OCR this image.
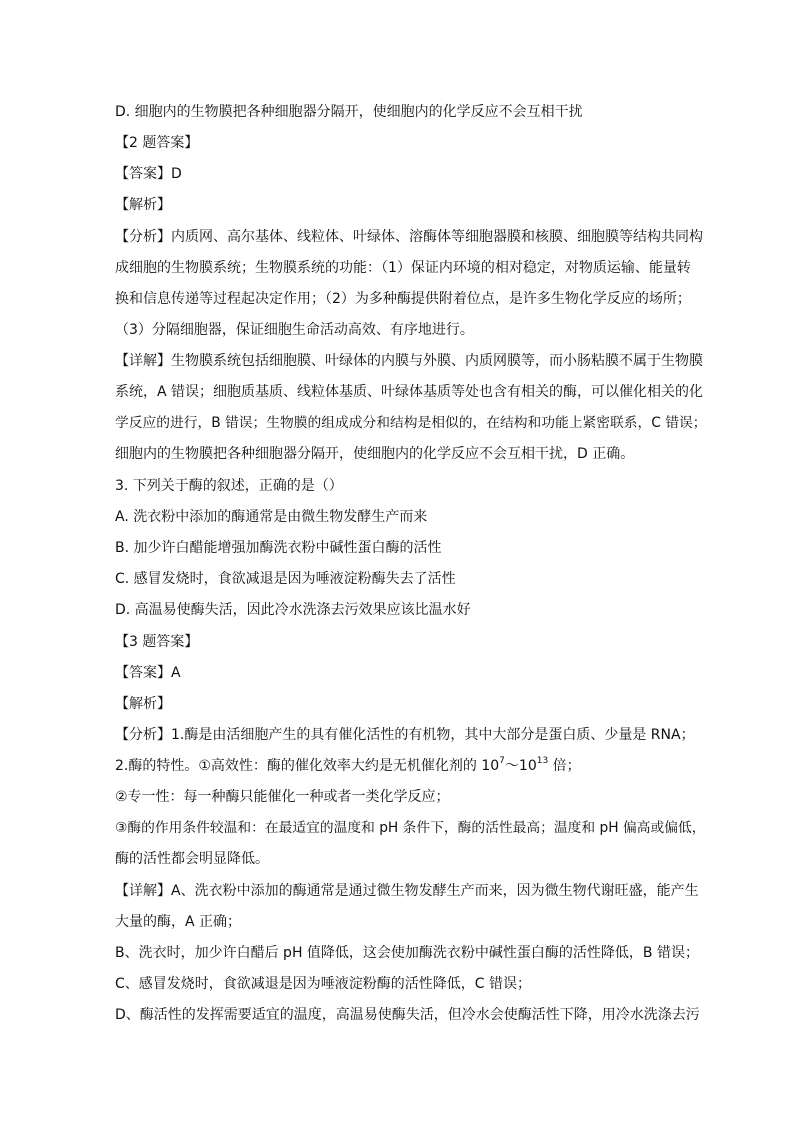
D. 细胞内的生物膜把各种细胞器分隔开，使细胞内的化学反应不会互相干扰
【2 题答案】
【答案】D
【解析】
【分析】内质网、高尔基体、线粒体、叶绿体、溶酶体等细胞器膜和核膜、细胞膜等结构共同构
成细胞的生物膜系统；生物膜系统的功能：（1）保证内环境的相对稳定，对物质运输、能量转
换和信息传递等过程起决定作用；（2）为多种酶提供附着位点，是许多生物化学反应的场所；
（3）分隔细胞器，保证细胞生命活动高效、有序地进行。
【详解】生物膜系统包括细胞膜、叶绿体的内膜与外膜、内质网膜等，而小肠粘膜不属于生物膜
系统，A 错误；细胞质基质、线粒体基质、叶绿体基质等处也含有相关的酶，可以催化相关的化
学反应的进行，B 错误；生物膜的组成成分和结构是相似的，在结构和功能上紧密联系，C 错误；
细胞内的生物膜把各种细胞器分隔开，使细胞内的化学反应不会互相干扰，D 正确。
3. 下列关于酶的叙述，正确的是（）
A. 洗衣粉中添加的酶通常是由微生物发酵生产而来
B. 加少许白醋能增强加酶洗衣粉中碱性蛋白酶的活性
C. 感冒发烧时，食欲减退是因为唾液淀粉酶失去了活性
D. 高温易使酶失活，因此冷水洗涤去污效果应该比温水好
【3 题答案】
【答案】A
【解析】
【分析】1.酶是由活细胞产生的具有催化活性的有机物，其中大部分是蛋白质、少量是 RNA；
2.酶的特性。①高效性：酶的催化效率大约是无机催化剂的 $10^7\sim 10^{13}$ 倍；
②专一性：每一种酶只能催化一种或者一类化学反应；
③酶的作用条件较温和：在最适宜的温度和 pH 条件下，酶的活性最高；温度和 pH 偏高或偏低，
酶的活性都会明显降低。
【详解】A、洗衣粉中添加的酶通常是通过微生物发酵生产而来，因为微生物代谢旺盛，能产生
大量的酶，A 正确；
B、洗衣时，加少许白醋后 pH 值降低，这会使加酶洗衣粉中碱性蛋白酶的活性降低，B 错误；
C、感冒发烧时，食欲减退是因为唾液淀粉酶的活性降低，C 错误；
D、酶活性的发挥需要适宜的温度，高温易使酶失活，但冷水会使酶活性下降，用冷水洗涤去污
